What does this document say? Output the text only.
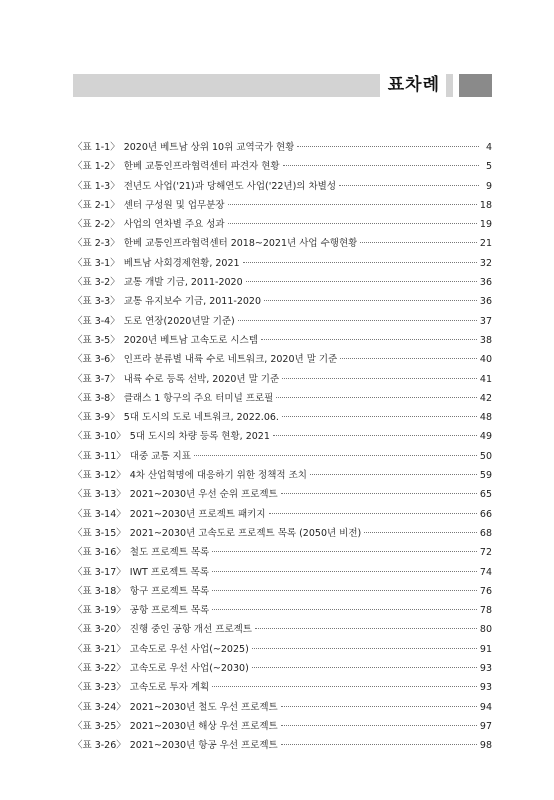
표차례
〈표 1-1〉 2020년 베트남 상위 10위 교역국가 현황	4
〈표 1-2〉 한베 교통인프라협력센터 파견자 현황	5
〈표 1-3〉 전년도 사업('21)과 당해연도 사업('22년)의 차별성	9
〈표 2-1〉 센터 구성원 및 업무분장	18
〈표 2-2〉 사업의 연차별 주요 성과	19
〈표 2-3〉 한베 교통인프라협력센터 2018~2021년 사업 수행현황	21
〈표 3-1〉 베트남 사회경제현황, 2021	32
〈표 3-2〉 교통 개발 기금, 2011-2020	36
〈표 3-3〉 교통 유지보수 기금, 2011-2020	36
〈표 3-4〉 도로 연장(2020년말 기준)	37
〈표 3-5〉 2020년 베트남 고속도로 시스템	38
〈표 3-6〉 인프라 분류별 내륙 수로 네트워크, 2020년 말 기준	40
〈표 3-7〉 내륙 수로 등록 선박, 2020년 말 기준	41
〈표 3-8〉 클래스 1 항구의 주요 터미널 프로필	42
〈표 3-9〉 5대 도시의 도로 네트워크, 2022.06.	48
〈표 3-10〉 5대 도시의 차량 등록 현황, 2021	49
〈표 3-11〉 대중 교통 지표	50
〈표 3-12〉 4차 산업혁명에 대응하기 위한 정책적 조치	59
〈표 3-13〉 2021~2030년 우선 순위 프로젝트	65
〈표 3-14〉 2021~2030년 프로젝트 패키지	66
〈표 3-15〉 2021~2030년 고속도로 프로젝트 목록 (2050년 비전)	68
〈표 3-16〉 철도 프로젝트 목록	72
〈표 3-17〉 IWT 프로젝트 목록	74
〈표 3-18〉 항구 프로젝트 목록	76
〈표 3-19〉 공항 프로젝트 목록	78
〈표 3-20〉 진행 중인 공항 개선 프로젝트	80
〈표 3-21〉 고속도로 우선 사업(~2025)	91
〈표 3-22〉 고속도로 우선 사업(~2030)	93
〈표 3-23〉 고속도로 투자 계획	93
〈표 3-24〉 2021~2030년 철도 우선 프로젝트	94
〈표 3-25〉 2021~2030년 해상 우선 프로젝트	97
〈표 3-26〉 2021~2030년 항공 우선 프로젝트	98
